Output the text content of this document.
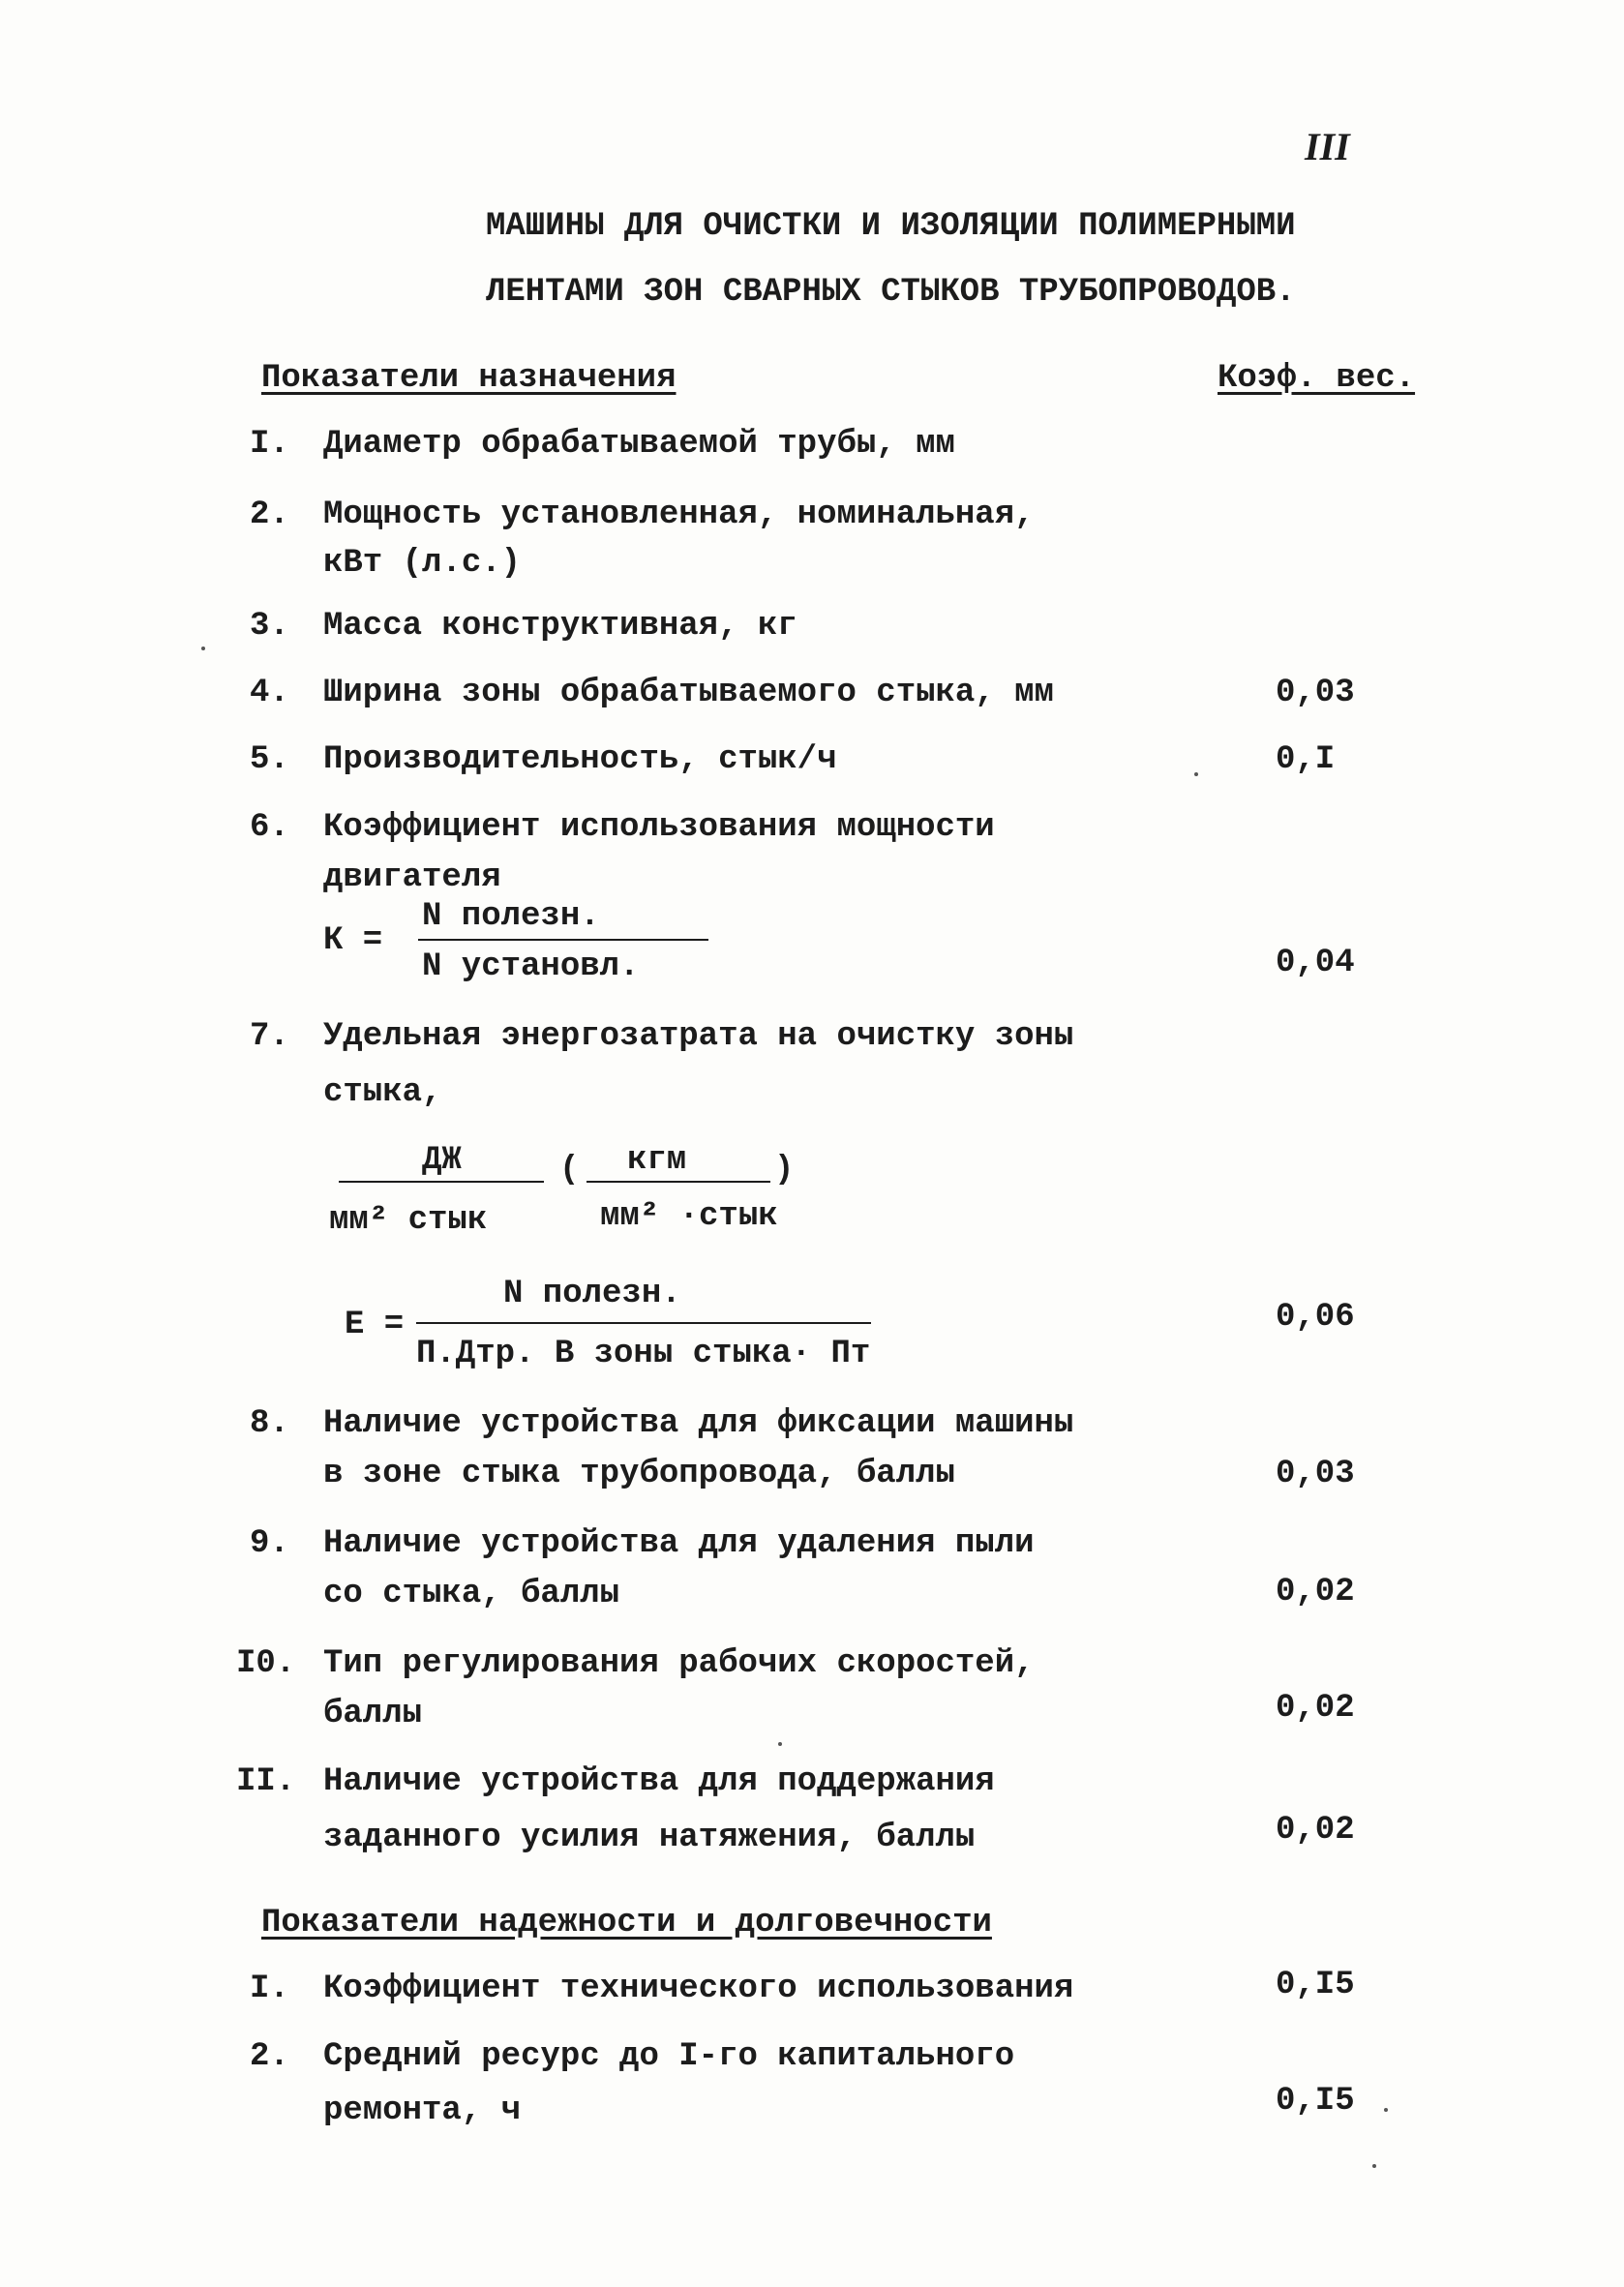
III
МАШИНЫ ДЛЯ ОЧИСТКИ И ИЗОЛЯЦИИ ПОЛИМЕРНЫМИ
ЛЕНТАМИ ЗОН СВАРНЫХ СТЫКОВ ТРУБОПРОВОДОВ.
Показатели назначения	Коэф. вес.
I. Диаметр обрабатываемой трубы, мм
2. Мощность установленная, номинальная,
кВт (л.с.)
3. Масса конструктивная, кг
4. Ширина зоны обрабатываемого стыка, мм	0,03
5. Производительность, стык/ч	0,I
6. Коэффициент использования мощности
двигателя
К =
N полезн.
N установл.	0,04
7. Удельная энергозатрата на очистку зоны
стыка,
ДЖ
мм² стык
( кгм
мм² ·стык
)
Е =
N полезн.
П.Дтр. В зоны стыка· Пт
0,06
8. Наличие устройства для фиксации машины
в зоне стыка трубопровода, баллы	0,03
9. Наличие устройства для удаления пыли
со стыка, баллы	0,02
I0. Тип регулирования рабочих скоростей,
баллы	0,02
II. Наличие устройства для поддержания
заданного усилия натяжения, баллы	0,02
Показатели надежности и долговечности
I. Коэффициент технического использования	0,I5
2. Средний ресурс до I-го капитального
ремонта, ч	0,I5
